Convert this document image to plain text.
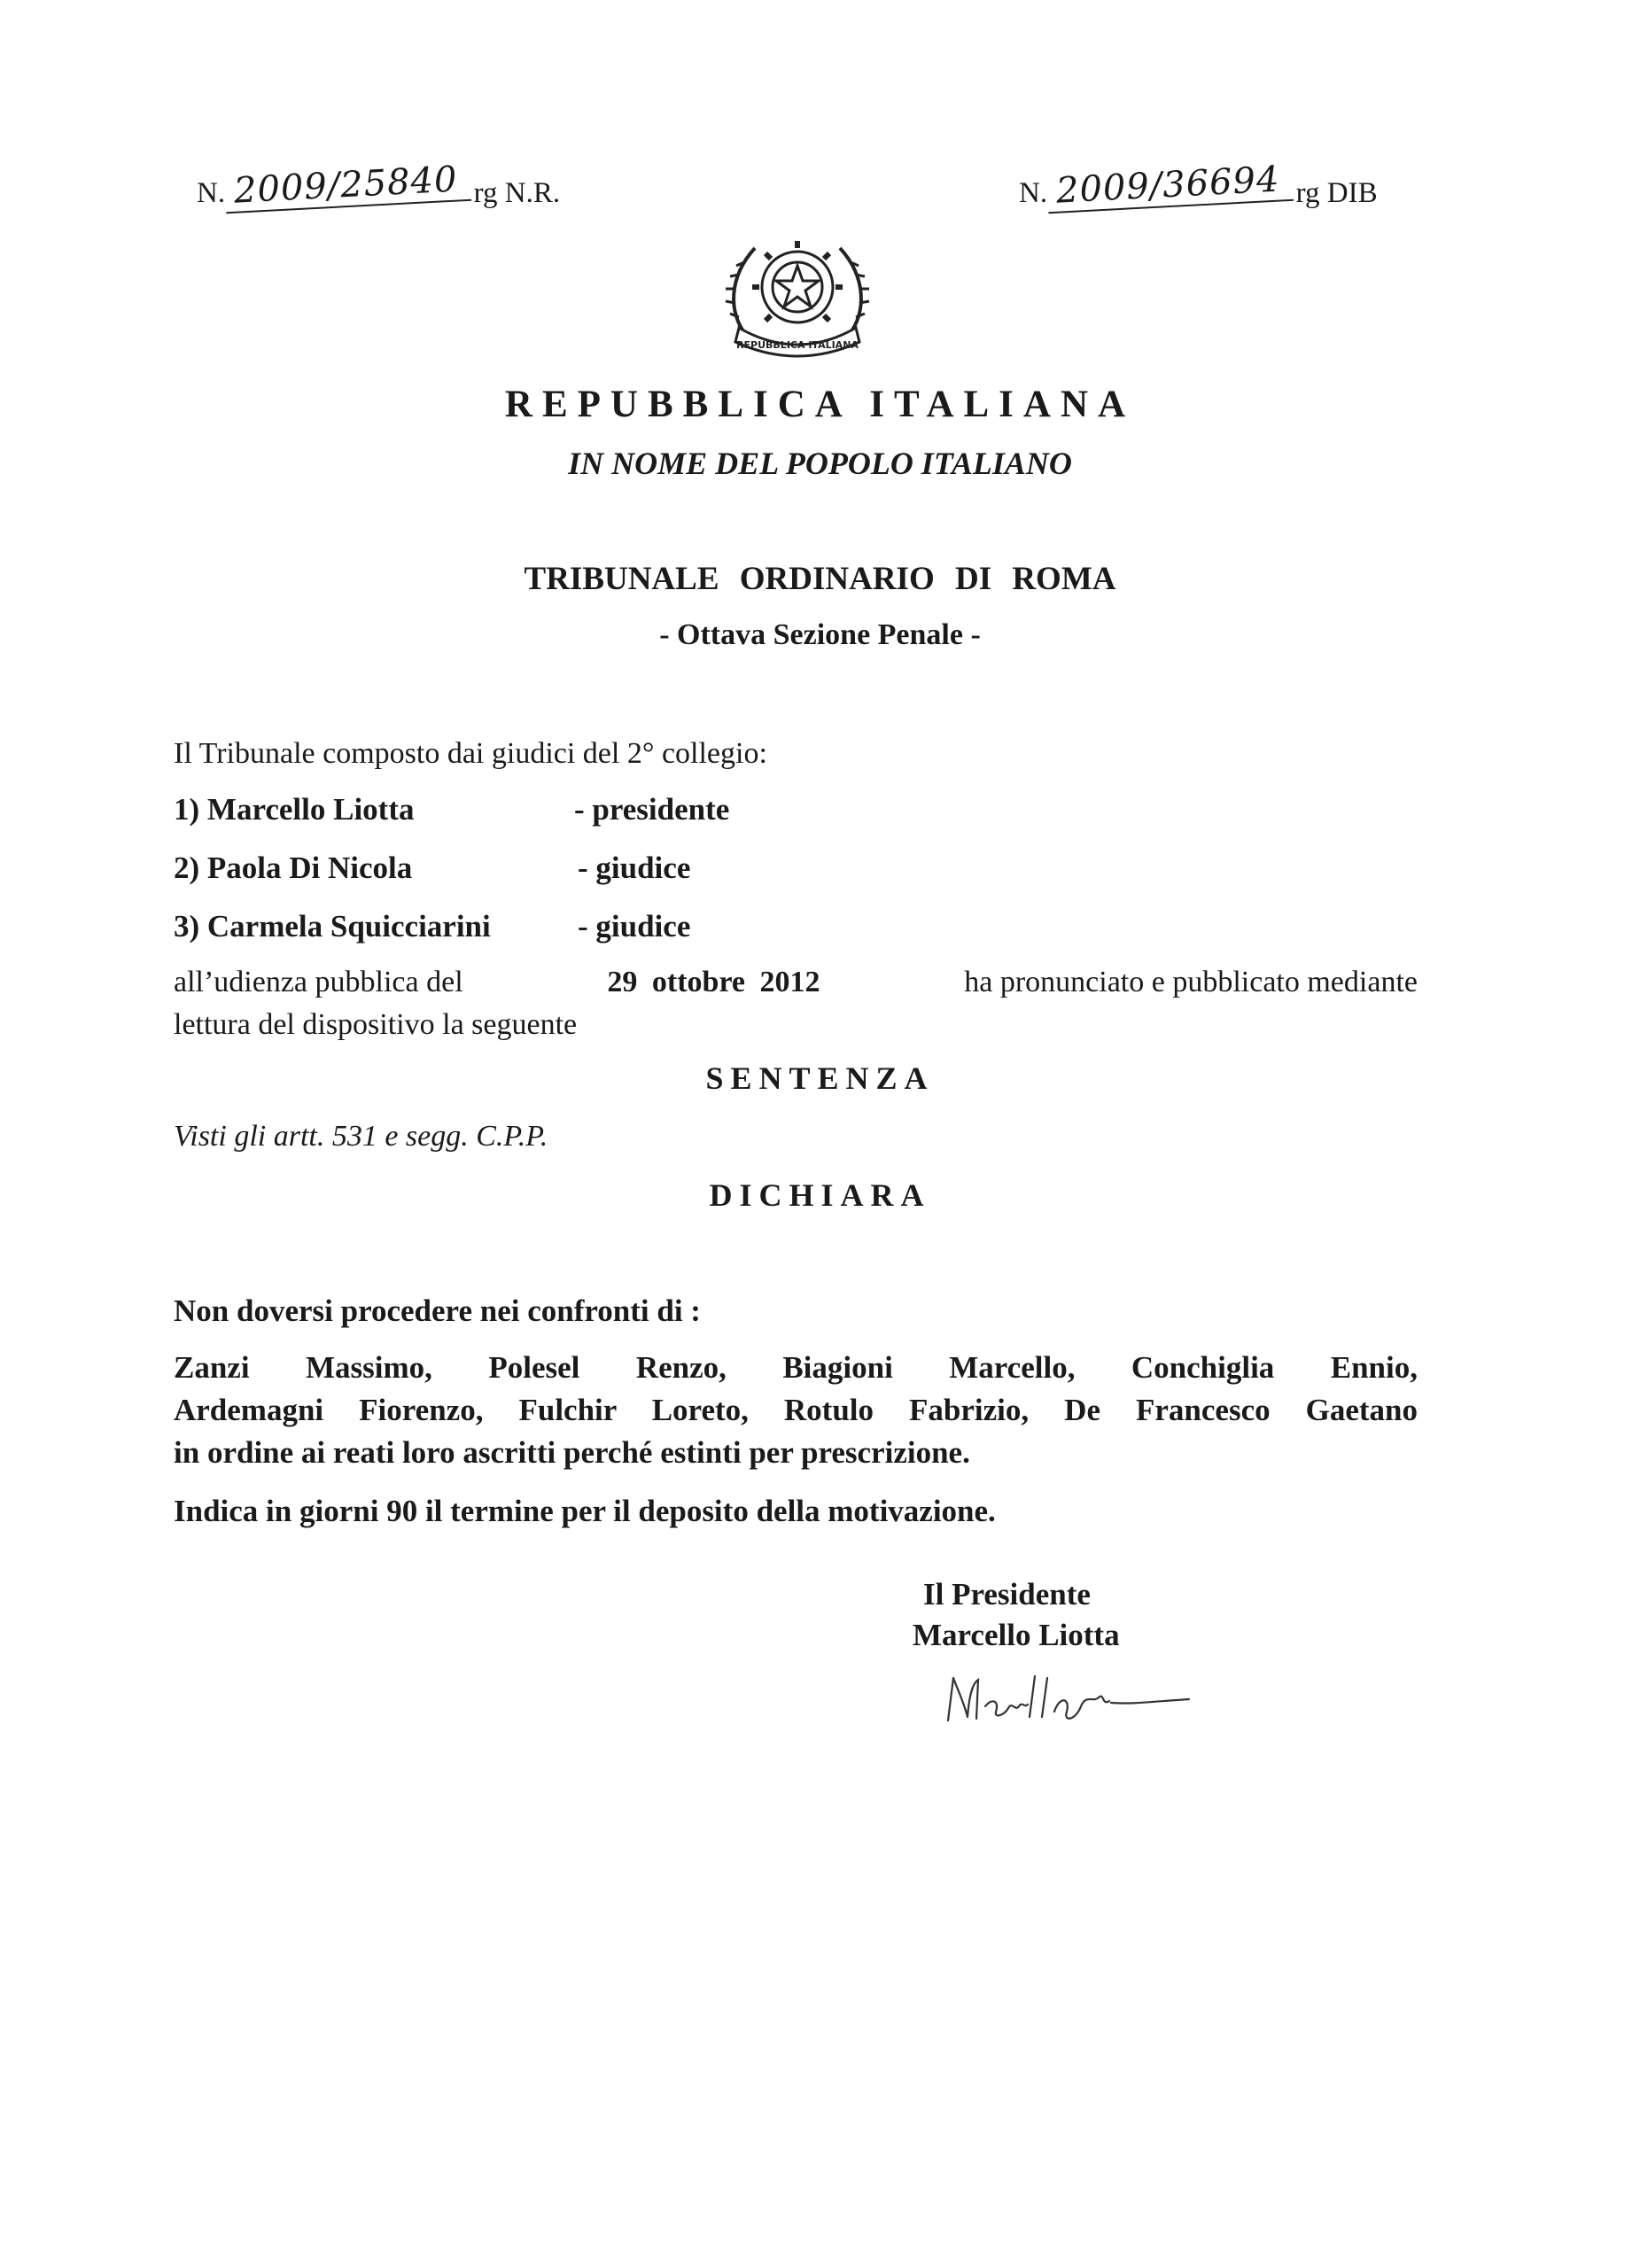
N. 2009/25840 rg N.R.	N. 2009/36694 rg DIB
REPUBBLICA ITALIANA
REPUBBLICA ITALIANA
IN NOME DEL POPOLO ITALIANO
TRIBUNALE ORDINARIO DI ROMA
- Ottava Sezione Penale -
Il Tribunale composto dai giudici del 2° collegio:
1) Marcello Liotta	- presidente
2) Paola Di Nicola	- giudice
3) Carmela Squicciarini	- giudice
all’udienza pubblica del	29 ottobre 2012	ha pronunciato e pubblicato mediante
lettura del dispositivo la seguente
SENTENZA
Visti gli artt. 531 e segg. C.P.P.
DICHIARA
Non doversi procedere nei confronti di :
Zanzi Massimo, Polesel Renzo, Biagioni Marcello, Conchiglia Ennio,
Ardemagni Fiorenzo, Fulchir Loreto, Rotulo Fabrizio, De Francesco Gaetano
in ordine ai reati loro ascritti perché estinti per prescrizione.
Indica in giorni 90 il termine per il deposito della motivazione.
Il Presidente
Marcello Liotta
MarcelloLiotta
